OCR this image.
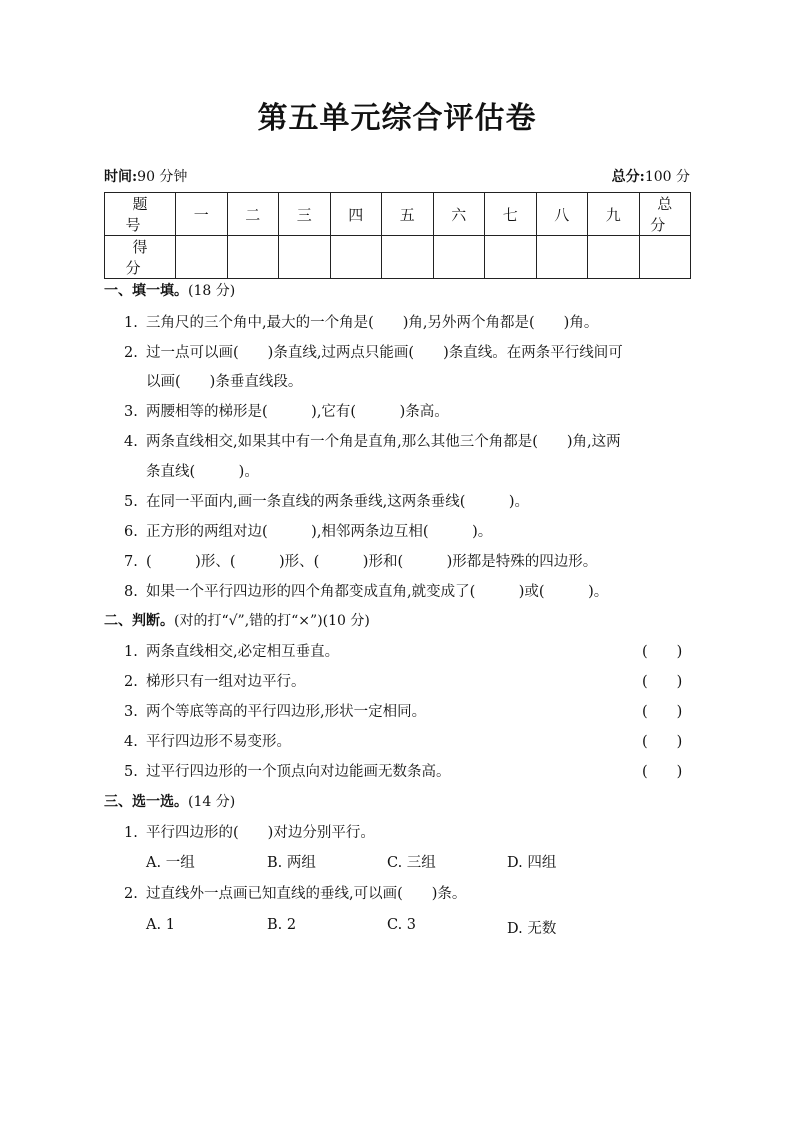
第五单元综合评估卷
时间:90 分钟	总分:100 分
题号	一	二	三	四	五	六	七	八	九	总分
得分										
一、填一填。(18 分)
1. 三角尺的三个角中,最大的一个角是(　　)角,另外两个角都是(　　)角。
2. 过一点可以画(　　)条直线,过两点只能画(　　)条直线。在两条平行线间可
以画(　　)条垂直线段。
3. 两腰相等的梯形是(　　　),它有(　　　)条高。
4. 两条直线相交,如果其中有一个角是直角,那么其他三个角都是(　　)角,这两
条直线(　　　)。
5. 在同一平面内,画一条直线的两条垂线,这两条垂线(　　　)。
6. 正方形的两组对边(　　　),相邻两条边互相(　　　)。
7. (　　　)形、(　　　)形、(　　　)形和(　　　)形都是特殊的四边形。
8. 如果一个平行四边形的四个角都变成直角,就变成了(　　　)或(　　　)。
二、判断。(对的打“√”,错的打“×”)(10 分)
1. 两条直线相交,必定相互垂直。	(　　)
2. 梯形只有一组对边平行。	(　　)
3. 两个等底等高的平行四边形,形状一定相同。	(　　)
4. 平行四边形不易变形。	(　　)
5. 过平行四边形的一个顶点向对边能画无数条高。	(　　)
三、选一选。(14 分)
1. 平行四边形的(　　)对边分别平行。
A. 一组	B. 两组	C. 三组	D. 四组
2. 过直线外一点画已知直线的垂线,可以画(　　)条。
A. 1	B. 2	C. 3	D. 无数
